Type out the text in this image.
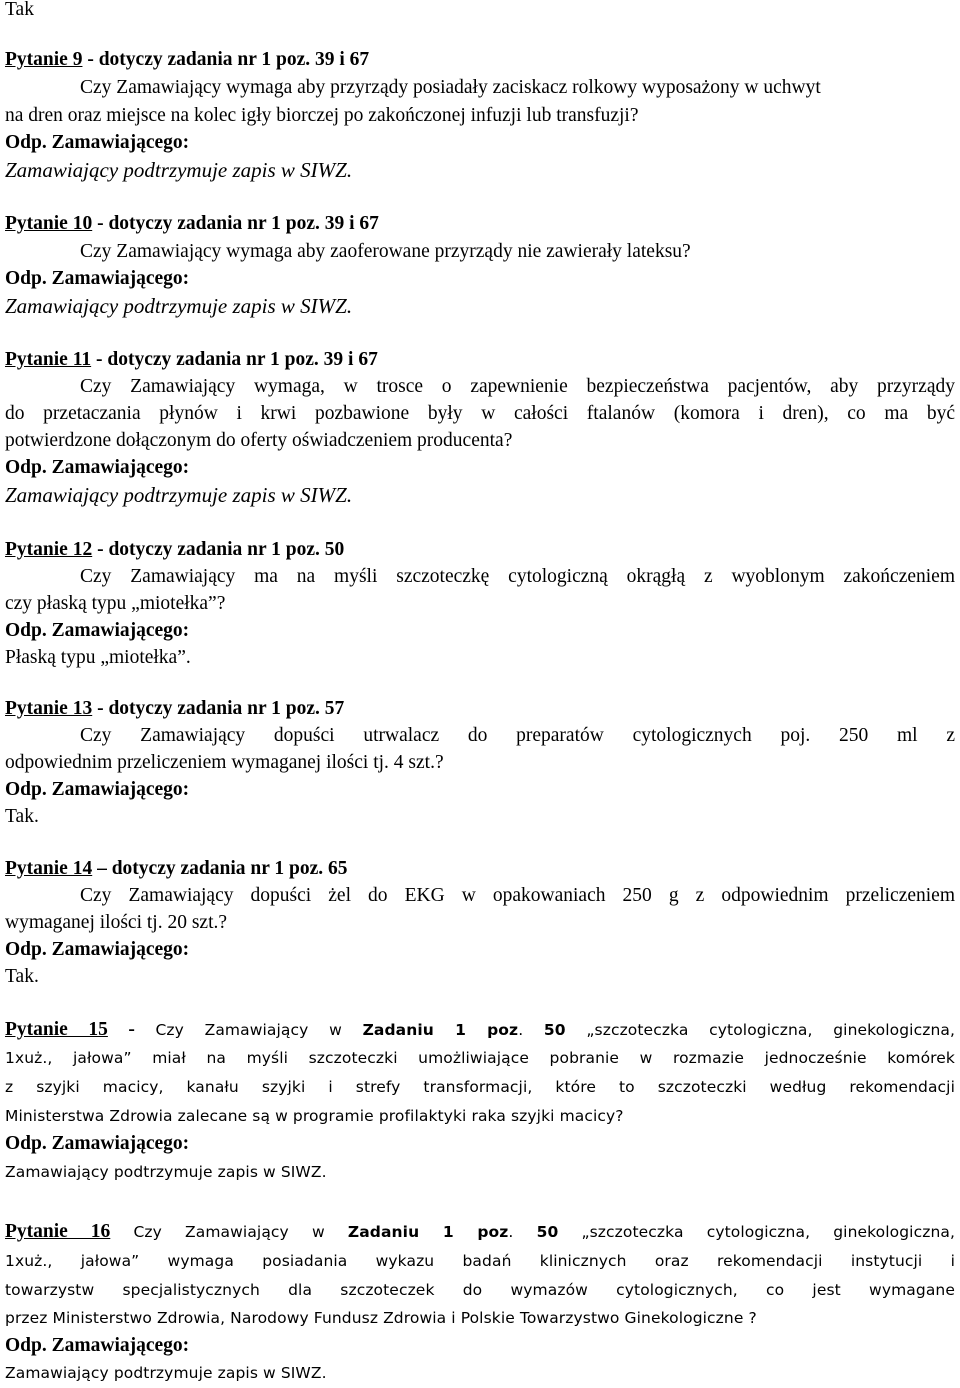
Tak
Pytanie 9 - dotyczy zadania nr 1 poz. 39 i 67
Czy Zamawiający wymaga aby przyrządy posiadały zaciskacz rolkowy wyposażony w uchwyt
na dren oraz miejsce na kolec igły biorczej po zakończonej infuzji lub transfuzji?
Odp. Zamawiającego:
Zamawiający podtrzymuje zapis w SIWZ.
Pytanie 10 - dotyczy zadania nr 1 poz. 39 i 67
Czy Zamawiający wymaga aby zaoferowane przyrządy nie zawierały lateksu?
Odp. Zamawiającego:
Zamawiający podtrzymuje zapis w SIWZ.
Pytanie 11 - dotyczy zadania nr 1 poz. 39 i 67
Czy Zamawiający wymaga, w trosce o zapewnienie bezpieczeństwa pacjentów, aby przyrządy
do przetaczania płynów i krwi pozbawione były w całości ftalanów (komora i dren), co ma być
potwierdzone dołączonym do oferty oświadczeniem producenta?
Odp. Zamawiającego:
Zamawiający podtrzymuje zapis w SIWZ.
Pytanie 12 - dotyczy zadania nr 1 poz. 50
Czy Zamawiający ma na myśli szczoteczkę cytologiczną okrągłą z wyoblonym zakończeniem
czy płaską typu „miotełka”?
Odp. Zamawiającego:
Płaską typu „miotełka”.
Pytanie 13 - dotyczy zadania nr 1 poz. 57
Czy Zamawiający dopuści utrwalacz do preparatów cytologicznych poj. 250 ml z
odpowiednim przeliczeniem wymaganej ilości tj. 4 szt.?
Odp. Zamawiającego:
Tak.
Pytanie 14 – dotyczy zadania nr 1 poz. 65
Czy Zamawiający dopuści żel do EKG w opakowaniach 250 g z odpowiednim przeliczeniem
wymaganej ilości tj. 20 szt.?
Odp. Zamawiającego:
Tak.
Pytanie 15 - Czy Zamawiający w Zadaniu 1 poz. 50 „szczoteczka cytologiczna, ginekologiczna,
1xuż., jałowa” miał na myśli szczoteczki umożliwiające pobranie w rozmazie jednocześnie komórek
z szyjki macicy, kanału szyjki i strefy transformacji, które to szczoteczki według rekomendacji
Ministerstwa Zdrowia zalecane są w programie profilaktyki raka szyjki macicy?
Odp. Zamawiającego:
Zamawiający podtrzymuje zapis w SIWZ.
Pytanie 16 Czy Zamawiający w Zadaniu 1 poz. 50 „szczoteczka cytologiczna, ginekologiczna,
1xuż., jałowa” wymaga posiadania wykazu badań klinicznych oraz rekomendacji instytucji i
towarzystw specjalistycznych dla szczoteczek do wymazów cytologicznych, co jest wymagane
przez Ministerstwo Zdrowia, Narodowy Fundusz Zdrowia i Polskie Towarzystwo Ginekologiczne ?
Odp. Zamawiającego:
Zamawiający podtrzymuje zapis w SIWZ.
